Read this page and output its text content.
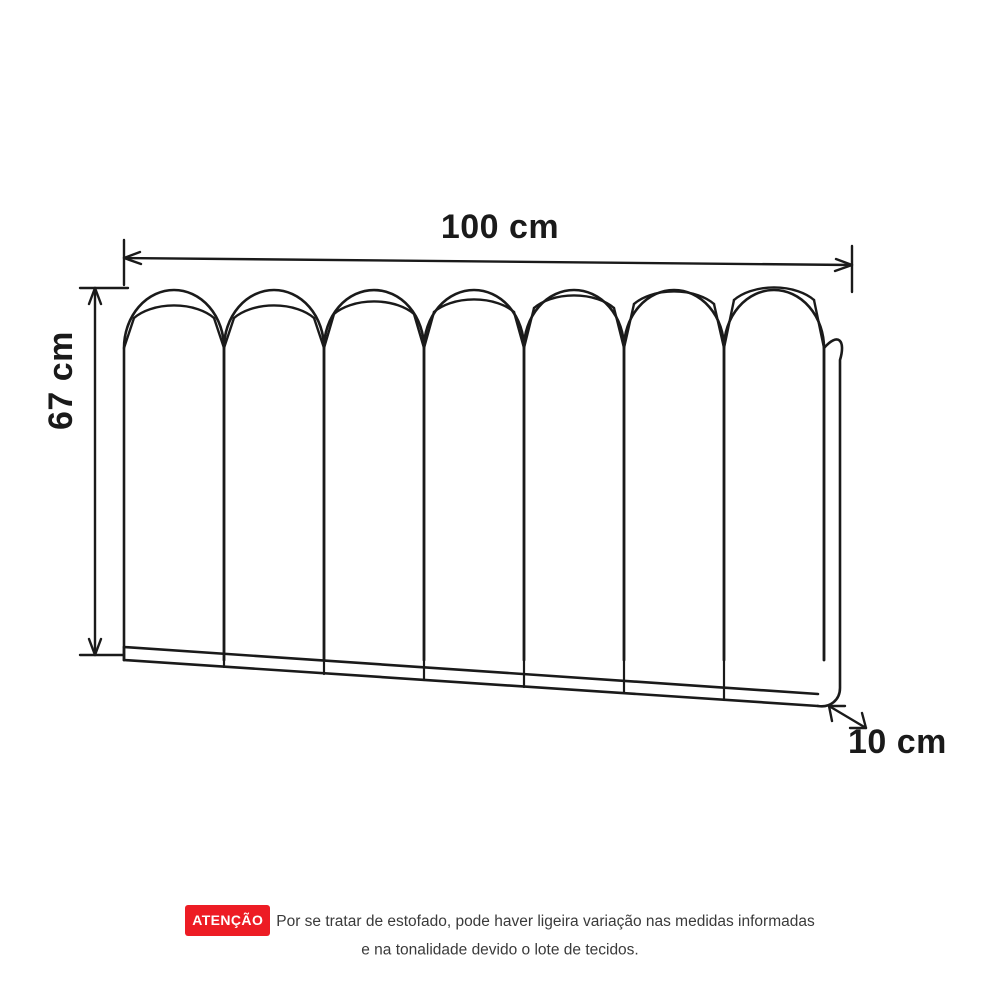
100 cm
67 cm
10 cm
ATENÇÃO Por se tratar de estofado, pode haver ligeira variação nas medidas informadas
e na tonalidade devido o lote de tecidos.
